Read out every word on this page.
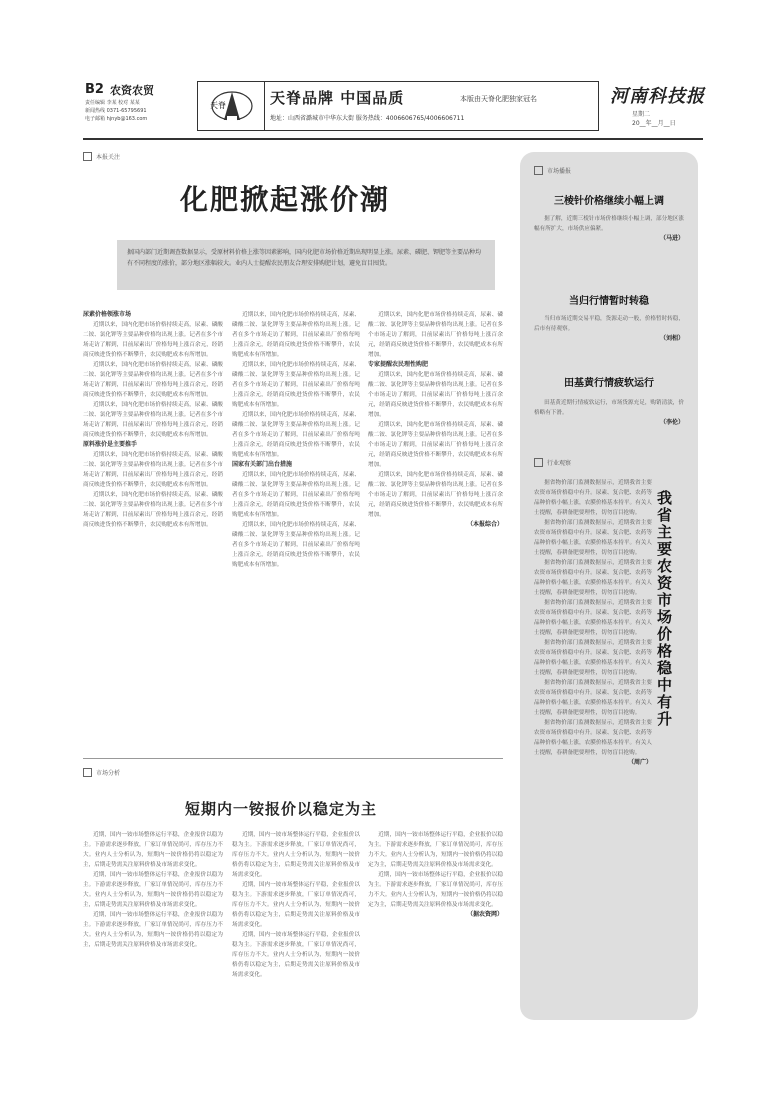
B2 农资农贸
责任编辑 李某 校对 某某
新闻热线 0371-65795691
电子邮箱 hjnyb@163.com
天脊	天脊品牌 中国品质	本版由天脊化肥独家冠名
地址：山西省潞城市中华东大街 服务热线：4006606765/4006606711
河南科技报
星期二
20__年__月__日
本报关注
化肥掀起涨价潮
据国内部门近期调查数据显示，受原材料价格上涨等因素影响，国内化肥市场价格近期出现明显上涨。尿素、磷肥、钾肥等主要品种均有不同程度的涨价，部分地区涨幅较大。业内人士提醒农民朋友合理安排购肥计划，避免盲目囤货。
尿素价格领涨市场

近期以来，国内化肥市场价格持续走高，尿素、磷酸二铵、氯化钾等主要品种价格均出现上涨。记者在多个市场走访了解到，目前尿素出厂价格每吨上涨百余元，经销商反映进货价格不断攀升，农民购肥成本有所增加。

近期以来，国内化肥市场价格持续走高，尿素、磷酸二铵、氯化钾等主要品种价格均出现上涨。记者在多个市场走访了解到，目前尿素出厂价格每吨上涨百余元，经销商反映进货价格不断攀升，农民购肥成本有所增加。

近期以来，国内化肥市场价格持续走高，尿素、磷酸二铵、氯化钾等主要品种价格均出现上涨。记者在多个市场走访了解到，目前尿素出厂价格每吨上涨百余元，经销商反映进货价格不断攀升，农民购肥成本有所增加。

原料涨价是主要推手

近期以来，国内化肥市场价格持续走高，尿素、磷酸二铵、氯化钾等主要品种价格均出现上涨。记者在多个市场走访了解到，目前尿素出厂价格每吨上涨百余元，经销商反映进货价格不断攀升，农民购肥成本有所增加。

近期以来，国内化肥市场价格持续走高，尿素、磷酸二铵、氯化钾等主要品种价格均出现上涨。记者在多个市场走访了解到，目前尿素出厂价格每吨上涨百余元，经销商反映进货价格不断攀升，农民购肥成本有所增加。

近期以来，国内化肥市场价格持续走高，尿素、磷酸二铵、氯化钾等主要品种价格均出现上涨。记者在多个市场走访了解到，目前尿素出厂价格每吨上涨百余元，经销商反映进货价格不断攀升，农民购肥成本有所增加。

近期以来，国内化肥市场价格持续走高，尿素、磷酸二铵、氯化钾等主要品种价格均出现上涨。记者在多个市场走访了解到，目前尿素出厂价格每吨上涨百余元，经销商反映进货价格不断攀升，农民购肥成本有所增加。

近期以来，国内化肥市场价格持续走高，尿素、磷酸二铵、氯化钾等主要品种价格均出现上涨。记者在多个市场走访了解到，目前尿素出厂价格每吨上涨百余元，经销商反映进货价格不断攀升，农民购肥成本有所增加。

国家有关部门出台措施

近期以来，国内化肥市场价格持续走高，尿素、磷酸二铵、氯化钾等主要品种价格均出现上涨。记者在多个市场走访了解到，目前尿素出厂价格每吨上涨百余元，经销商反映进货价格不断攀升，农民购肥成本有所增加。

近期以来，国内化肥市场价格持续走高，尿素、磷酸二铵、氯化钾等主要品种价格均出现上涨。记者在多个市场走访了解到，目前尿素出厂价格每吨上涨百余元，经销商反映进货价格不断攀升，农民购肥成本有所增加。

近期以来，国内化肥市场价格持续走高，尿素、磷酸二铵、氯化钾等主要品种价格均出现上涨。记者在多个市场走访了解到，目前尿素出厂价格每吨上涨百余元，经销商反映进货价格不断攀升，农民购肥成本有所增加。

专家提醒农民理性购肥

近期以来，国内化肥市场价格持续走高，尿素、磷酸二铵、氯化钾等主要品种价格均出现上涨。记者在多个市场走访了解到，目前尿素出厂价格每吨上涨百余元，经销商反映进货价格不断攀升，农民购肥成本有所增加。

近期以来，国内化肥市场价格持续走高，尿素、磷酸二铵、氯化钾等主要品种价格均出现上涨。记者在多个市场走访了解到，目前尿素出厂价格每吨上涨百余元，经销商反映进货价格不断攀升，农民购肥成本有所增加。

近期以来，国内化肥市场价格持续走高，尿素、磷酸二铵、氯化钾等主要品种价格均出现上涨。记者在多个市场走访了解到，目前尿素出厂价格每吨上涨百余元，经销商反映进货价格不断攀升，农民购肥成本有所增加。

（本报综合）
市场分析
短期内一铵报价以稳定为主

近期，国内一铵市场整体运行平稳，企业报价以稳为主。下游需求逐步释放，厂家订单情况尚可，库存压力不大。业内人士分析认为，短期内一铵价格仍将以稳定为主，后期走势需关注原料价格及市场需求变化。

近期，国内一铵市场整体运行平稳，企业报价以稳为主。下游需求逐步释放，厂家订单情况尚可，库存压力不大。业内人士分析认为，短期内一铵价格仍将以稳定为主，后期走势需关注原料价格及市场需求变化。

近期，国内一铵市场整体运行平稳，企业报价以稳为主。下游需求逐步释放，厂家订单情况尚可，库存压力不大。业内人士分析认为，短期内一铵价格仍将以稳定为主，后期走势需关注原料价格及市场需求变化。

近期，国内一铵市场整体运行平稳，企业报价以稳为主。下游需求逐步释放，厂家订单情况尚可，库存压力不大。业内人士分析认为，短期内一铵价格仍将以稳定为主，后期走势需关注原料价格及市场需求变化。

近期，国内一铵市场整体运行平稳，企业报价以稳为主。下游需求逐步释放，厂家订单情况尚可，库存压力不大。业内人士分析认为，短期内一铵价格仍将以稳定为主，后期走势需关注原料价格及市场需求变化。

近期，国内一铵市场整体运行平稳，企业报价以稳为主。下游需求逐步释放，厂家订单情况尚可，库存压力不大。业内人士分析认为，短期内一铵价格仍将以稳定为主，后期走势需关注原料价格及市场需求变化。

近期，国内一铵市场整体运行平稳，企业报价以稳为主。下游需求逐步释放，厂家订单情况尚可，库存压力不大。业内人士分析认为，短期内一铵价格仍将以稳定为主，后期走势需关注原料价格及市场需求变化。

近期，国内一铵市场整体运行平稳，企业报价以稳为主。下游需求逐步释放，厂家订单情况尚可，库存压力不大。业内人士分析认为，短期内一铵价格仍将以稳定为主，后期走势需关注原料价格及市场需求变化。

（据农资网）
市场播报
三棱针价格继续小幅上调

据了解，近期三棱针市场价格继续小幅上调，部分地区涨幅有所扩大，市场供应偏紧。

（马进）
当归行情暂时转稳

当归市场近期交易平稳，货源走动一般，价格暂时转稳，后市有待观察。

（刘相）
田基黄行情疲软运行

田基黄近期行情疲软运行，市场货源充足，购销清淡，价格略有下滑。

（李伦）
行业观察

据省物价部门监测数据显示，近期我省主要农资市场价格稳中有升。尿素、复合肥、农药等品种价格小幅上涨，农膜价格基本持平。有关人士提醒，春耕备肥要理性，切勿盲目抢购。

据省物价部门监测数据显示，近期我省主要农资市场价格稳中有升。尿素、复合肥、农药等品种价格小幅上涨，农膜价格基本持平。有关人士提醒，春耕备肥要理性，切勿盲目抢购。

据省物价部门监测数据显示，近期我省主要农资市场价格稳中有升。尿素、复合肥、农药等品种价格小幅上涨，农膜价格基本持平。有关人士提醒，春耕备肥要理性，切勿盲目抢购。

据省物价部门监测数据显示，近期我省主要农资市场价格稳中有升。尿素、复合肥、农药等品种价格小幅上涨，农膜价格基本持平。有关人士提醒，春耕备肥要理性，切勿盲目抢购。

据省物价部门监测数据显示，近期我省主要农资市场价格稳中有升。尿素、复合肥、农药等品种价格小幅上涨，农膜价格基本持平。有关人士提醒，春耕备肥要理性，切勿盲目抢购。

据省物价部门监测数据显示，近期我省主要农资市场价格稳中有升。尿素、复合肥、农药等品种价格小幅上涨，农膜价格基本持平。有关人士提醒，春耕备肥要理性，切勿盲目抢购。

据省物价部门监测数据显示，近期我省主要农资市场价格稳中有升。尿素、复合肥、农药等品种价格小幅上涨，农膜价格基本持平。有关人士提醒，春耕备肥要理性，切勿盲目抢购。

（周广）
我省主要农资市场价格稳中有升
